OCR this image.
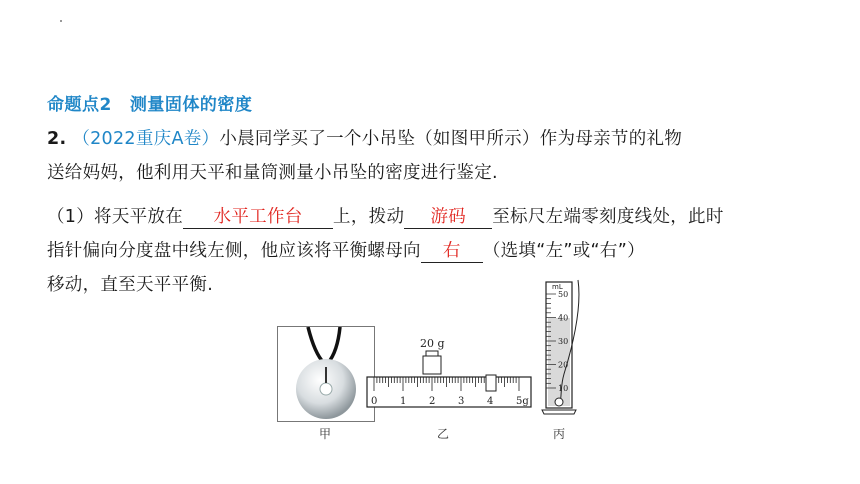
命题点2 测量固体的密度
2. （2022重庆A卷）小晨同学买了一个小吊坠（如图甲所示）作为母亲节的礼物
送给妈妈，他利用天平和量筒测量小吊坠的密度进行鉴定.
（1）将天平放在 水平工作台 上，拨动 游码 至标尺左端零刻度线处，此时
指针偏向分度盘中线左侧，他应该将平衡螺母向 右 （选填“左”或“右”）
移动，直至天平平衡.
甲
20 g
0 1 2 3 4 5g
乙
mL
50
40
30
20
10
丙
